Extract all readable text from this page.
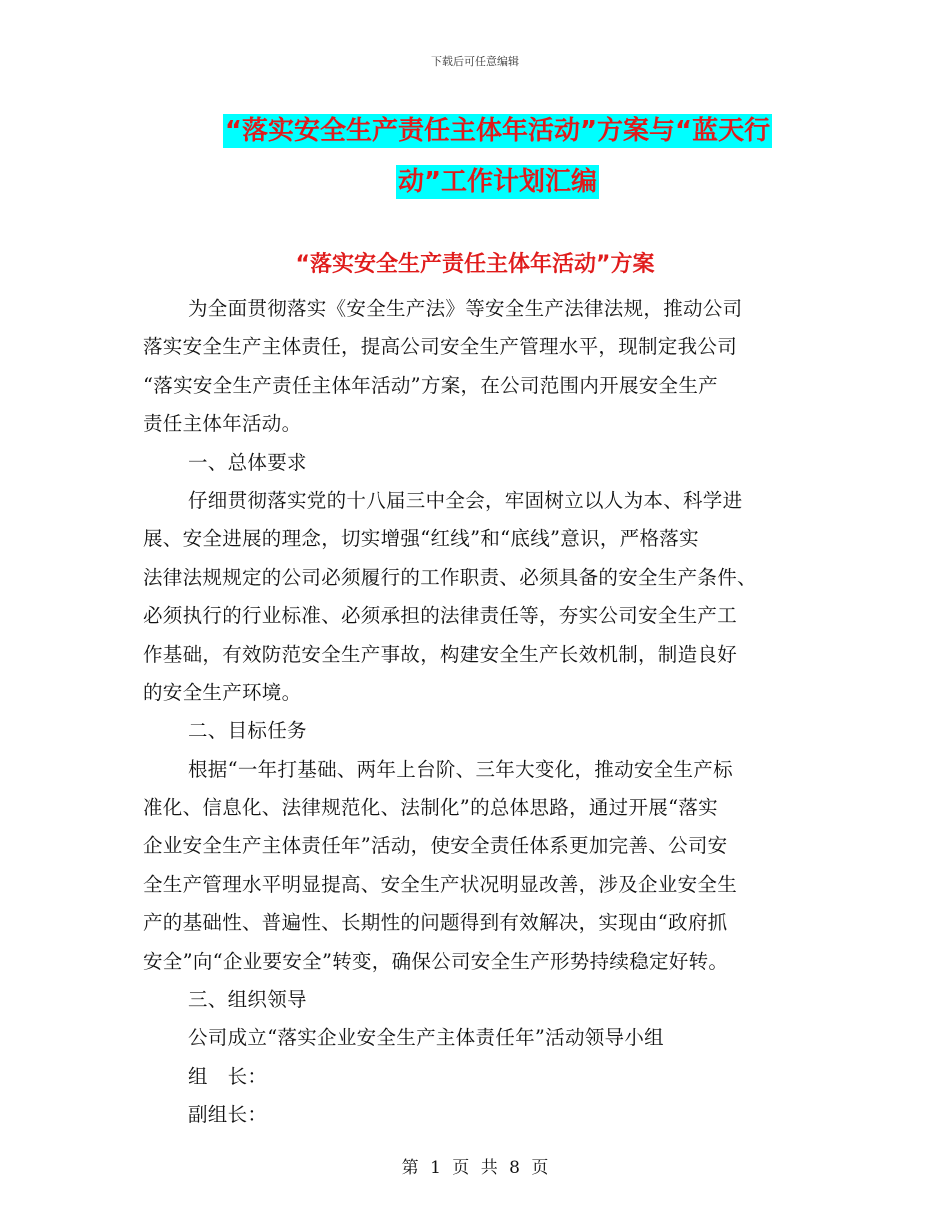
下载后可任意编辑
“落实安全生产责任主体年活动”方案与“蓝天行
动”工作计划汇编
“落实安全生产责任主体年活动”方案
为全面贯彻落实《安全生产法》等安全生产法律法规，推动公司
落实安全生产主体责任，提高公司安全生产管理水平，现制定我公司
“落实安全生产责任主体年活动”方案，在公司范围内开展安全生产
责任主体年活动。
一、总体要求
仔细贯彻落实党的十八届三中全会，牢固树立以人为本、科学进
展、安全进展的理念，切实增强“红线”和“底线”意识，严格落实
法律法规规定的公司必须履行的工作职责、必须具备的安全生产条件、
必须执行的行业标准、必须承担的法律责任等，夯实公司安全生产工
作基础，有效防范安全生产事故，构建安全生产长效机制，制造良好
的安全生产环境。
二、目标任务
根据“一年打基础、两年上台阶、三年大变化，推动安全生产标
准化、信息化、法律规范化、法制化”的总体思路，通过开展“落实
企业安全生产主体责任年”活动，使安全责任体系更加完善、公司安
全生产管理水平明显提高、安全生产状况明显改善，涉及企业安全生
产的基础性、普遍性、长期性的问题得到有效解决，实现由“政府抓
安全”向“企业要安全”转变，确保公司安全生产形势持续稳定好转。
三、组织领导
公司成立“落实企业安全生产主体责任年”活动领导小组
组　长：
副组长：
第 1 页 共 8 页
